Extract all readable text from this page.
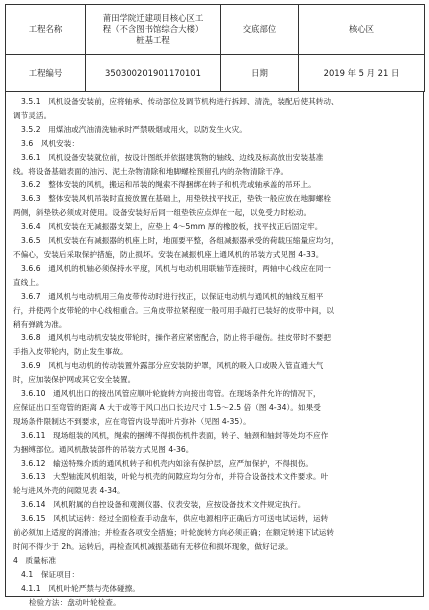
工程名称	莆田学院迁建项目核心区工
程（不含图书馆综合大楼）
桩基工程	交底部位	核心区
工程编号	350300201901170101	日期	2019 年 5 月 21 日
3.5.1　风机设备安装前，应将轴承、传动部位及调节机构进行拆卸、清洗，装配后使其转动、
调节灵活。
3.5.2　用煤油或汽油清洗轴承时严禁吸烟或用火，以防发生火灾。
3.6　风机安装：
3.6.1　风机设备安装就位前，按设计图纸并依据建筑物的轴线、边线及标高放出安装基准
线。将设备基础表面的油污、泥土杂物清除和地脚螺栓预留孔内的杂物清除干净。
3.6.2　整体安装的风机，搬运和吊装的绳索不得捆绑在转子和机壳或轴承盖的吊环上。
3.6.3　整体安装风机吊装时直接放置在基础上，用垫铁找平找正，垫铁一般应放在地脚螺栓
两侧，斜垫铁必须成对使用。设备安装好后同一组垫铁应点焊在一起，以免受力时松动。
3.6.4　风机安装在无减振器支架上，应垫上 4～5mm 厚的橡胶板，找平找正后固定牢。
3.6.5　风机安装在有减振器的机座上时，地面要平整，各组减振器承受的荷载压缩量应均匀，
不偏心，安装后采取保护措施，防止损坏。安装在减振机座上通风机的吊装方式见图 4-33。
3.6.6　通风机的机轴必须保持水平度，风机与电动机用联轴节连接时，两轴中心线应在同一
直线上。
3.6.7　通风机与电动机用三角皮带传动时进行找正，以保证电动机与通风机的轴线互相平
行，并使两个皮带轮的中心线相重合。三角皮带拉紧程度一般可用手敲打已装好的皮带中间，以
稍有弹跳为准。
3.6.8　通风机与电动机安装皮带轮时，操作者应紧密配合，防止将手碰伤。挂皮带时不要把
手指入皮带轮内，防止发生事故。
3.6.9　风机与电动机的传动装置外露部分应安装防护罩，风机的吸入口或吸入管直通大气
时，应加装保护网或其它安全装置。
3.6.10　通风机出口的接出风管应顺叶轮旋转方向接出弯管。在现场条件允许的情况下，
应保证出口至弯管的距离 A 大于或等于风口出口长边尺寸 1.5～2.5 倍（图 4-34）。如果受
现场条件限制达不到要求，应在弯管内设导流叶片弥补（见图 4-35）。
3.6.11　现场组装的风机，绳索的捆缚不得损伤机件表面，转子、轴颈和轴封等处均不应作
为捆缚部位。通风机散装部件的吊装方式见图 4-36。
3.6.12　输送特殊介质的通风机转子和机壳内如涂有保护层，应严加保护，不得损伤。
3.6.13　大型轴流风机组装，叶轮与机壳的间隙应均匀分布，并符合设备技术文件要求。叶
轮与进风外壳的间隙见表 4-34。
3.6.14　风机附属的自控设备和观测仪器、仪表安装，应按设备技术文件规定执行。
3.6.15　风机试运转：经过全面检查手动盘车，供应电源相序正确后方可送电试运转，运转
前必须加上适度的润滑油；并检查各项安全措施；叶轮旋转方向必须正确；在额定转速下试运转
时间不得少于 2h。运转后，再检查风机减振基础有无移位和损坏现象，做好记录。
4　质量标准
4.1　保证项目：
4.1.1　风机叶轮严禁与壳体碰擦。
检验方法：盘动叶轮检查。
